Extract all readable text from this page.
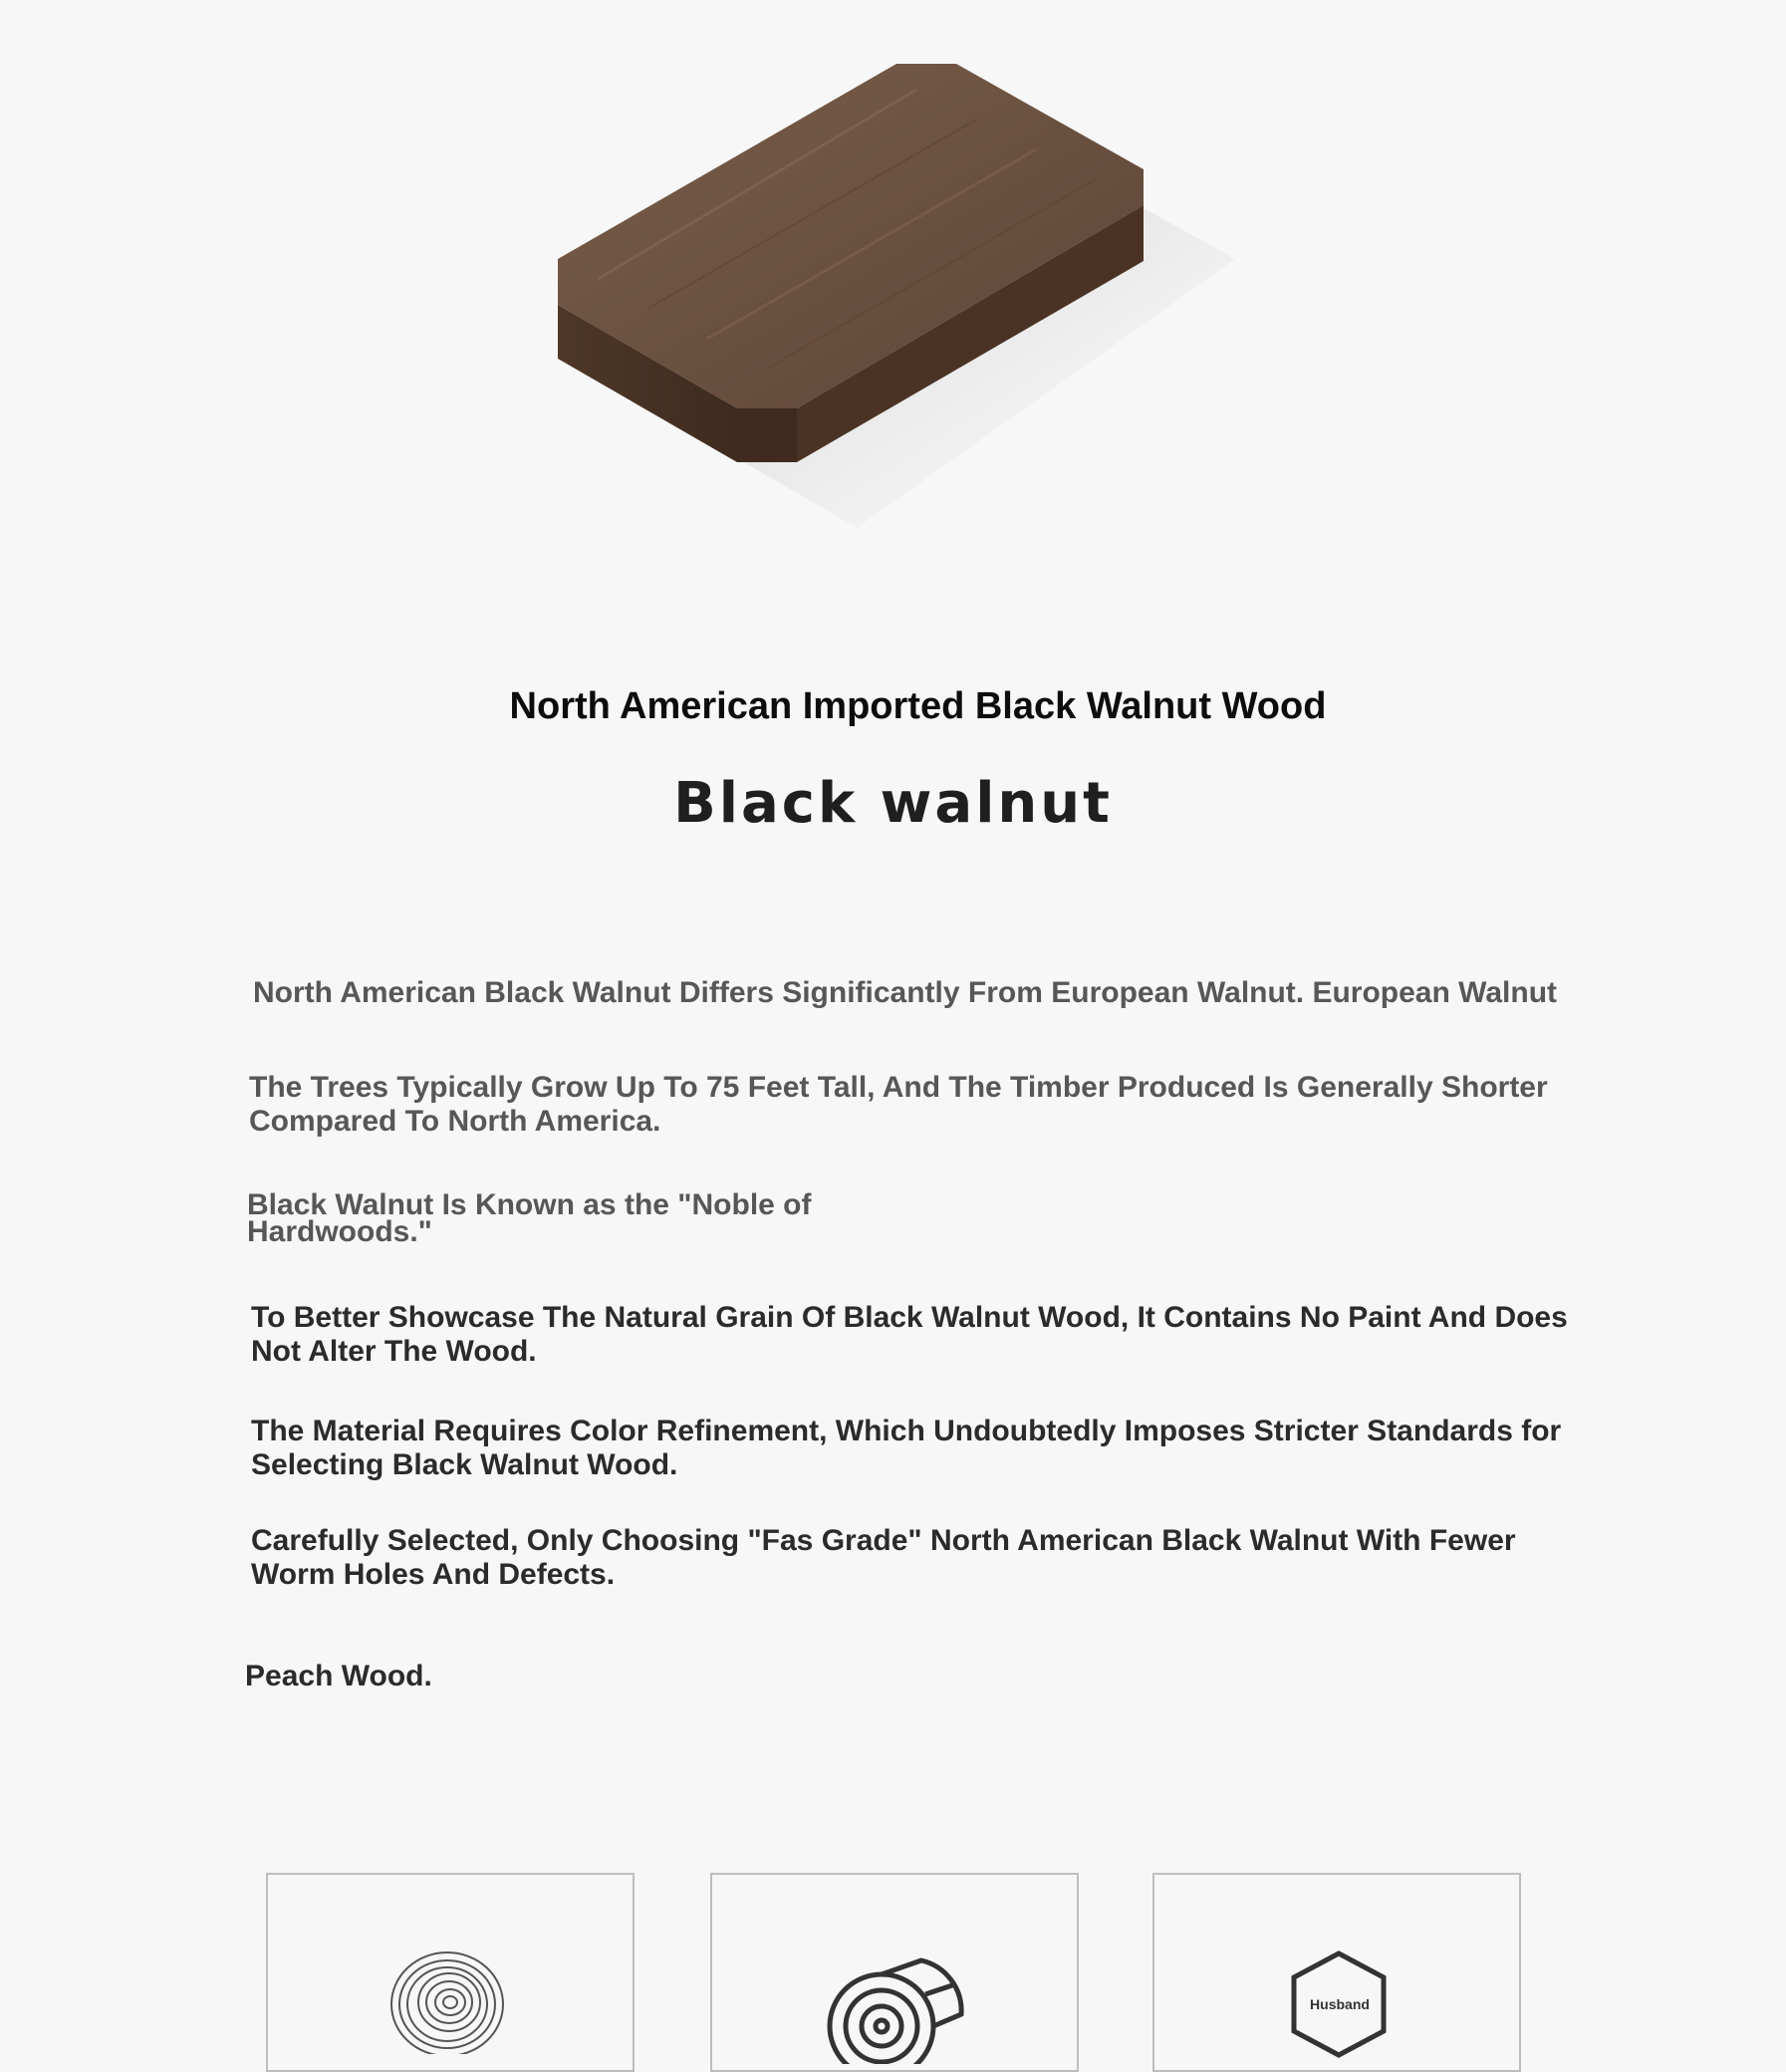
North American Imported Black Walnut Wood
Black walnut

North American Black Walnut Differs Significantly From European Walnut. European Walnut

The Trees Typically Grow Up To 75 Feet Tall, And The Timber Produced Is Generally Shorter Compared To North America.

Black Walnut Is Known as the "Noble of Hardwoods."

To Better Showcase The Natural Grain Of Black Walnut Wood, It Contains No Paint And Does Not Alter The Wood.

The Material Requires Color Refinement, Which Undoubtedly Imposes Stricter Standards for Selecting Black Walnut Wood.

Carefully Selected, Only Choosing "Fas Grade" North American Black Walnut With Fewer Worm Holes And Defects.

Peach Wood.

Husband
